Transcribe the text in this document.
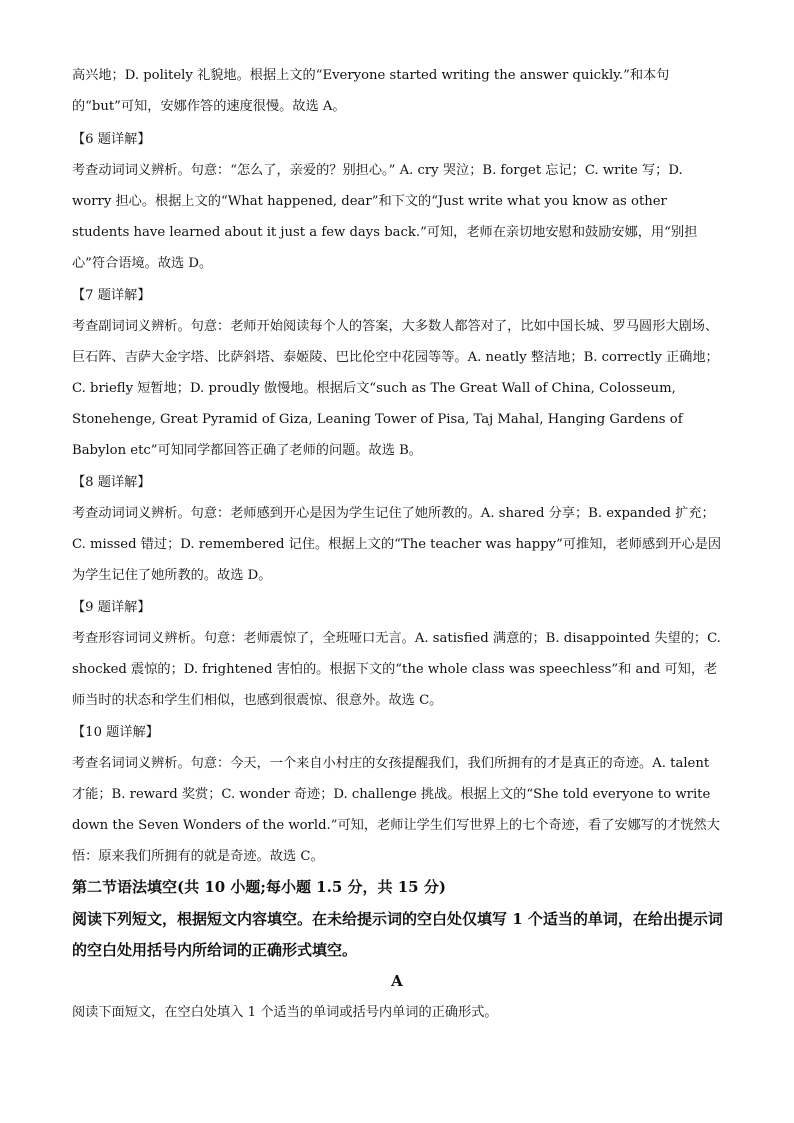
高兴地；D. politely 礼貌地。根据上文的“Everyone started writing the answer quickly.”和本句的“but”可知，安娜作答的速度很慢。故选 A。

【6 题详解】

考查动词词义辨析。句意：“怎么了，亲爱的？别担心。” A. cry 哭泣；B. forget 忘记；C. write 写；D. worry 担心。根据上文的“What happened, dear”和下文的“Just write what you know as other students have learned about it just a few days back.”可知，老师在亲切地安慰和鼓励安娜，用“别担心”符合语境。故选 D。

【7 题详解】

考查副词词义辨析。句意：老师开始阅读每个人的答案，大多数人都答对了，比如中国长城、罗马圆形大剧场、巨石阵、吉萨大金字塔、比萨斜塔、泰姬陵、巴比伦空中花园等等。A. neatly 整洁地；B. correctly 正确地；C. briefly 短暂地；D. proudly 傲慢地。根据后文“such as The Great Wall of China, Colosseum, Stonehenge, Great Pyramid of Giza, Leaning Tower of Pisa, Taj Mahal, Hanging Gardens of Babylon etc”可知同学都回答正确了老师的问题。故选 B。

【8 题详解】

考查动词词义辨析。句意：老师感到开心是因为学生记住了她所教的。A. shared 分享；B. expanded 扩充；C. missed 错过；D. remembered 记住。根据上文的“The teacher was happy”可推知，老师感到开心是因为学生记住了她所教的。故选 D。

【9 题详解】

考查形容词词义辨析。句意：老师震惊了，全班哑口无言。A. satisfied 满意的；B. disappointed 失望的；C. shocked 震惊的；D. frightened 害怕的。根据下文的“the whole class was speechless”和 and 可知，老师当时的状态和学生们相似，也感到很震惊、很意外。故选 C。

【10 题详解】

考查名词词义辨析。句意：今天，一个来自小村庄的女孩提醒我们，我们所拥有的才是真正的奇迹。A. talent 才能；B. reward 奖赏；C. wonder 奇迹；D. challenge 挑战。根据上文的“She told everyone to write down the Seven Wonders of the world.”可知，老师让学生们写世界上的七个奇迹，看了安娜写的才恍然大悟：原来我们所拥有的就是奇迹。故选 C。

第二节语法填空(共 10 小题;每小题 1.5 分，共 15 分)

阅读下列短文，根据短文内容填空。在未给提示词的空白处仅填写 1 个适当的单词，在给出提示词的空白处用括号内所给词的正确形式填空。

A

阅读下面短文，在空白处填入 1 个适当的单词或括号内单词的正确形式。
